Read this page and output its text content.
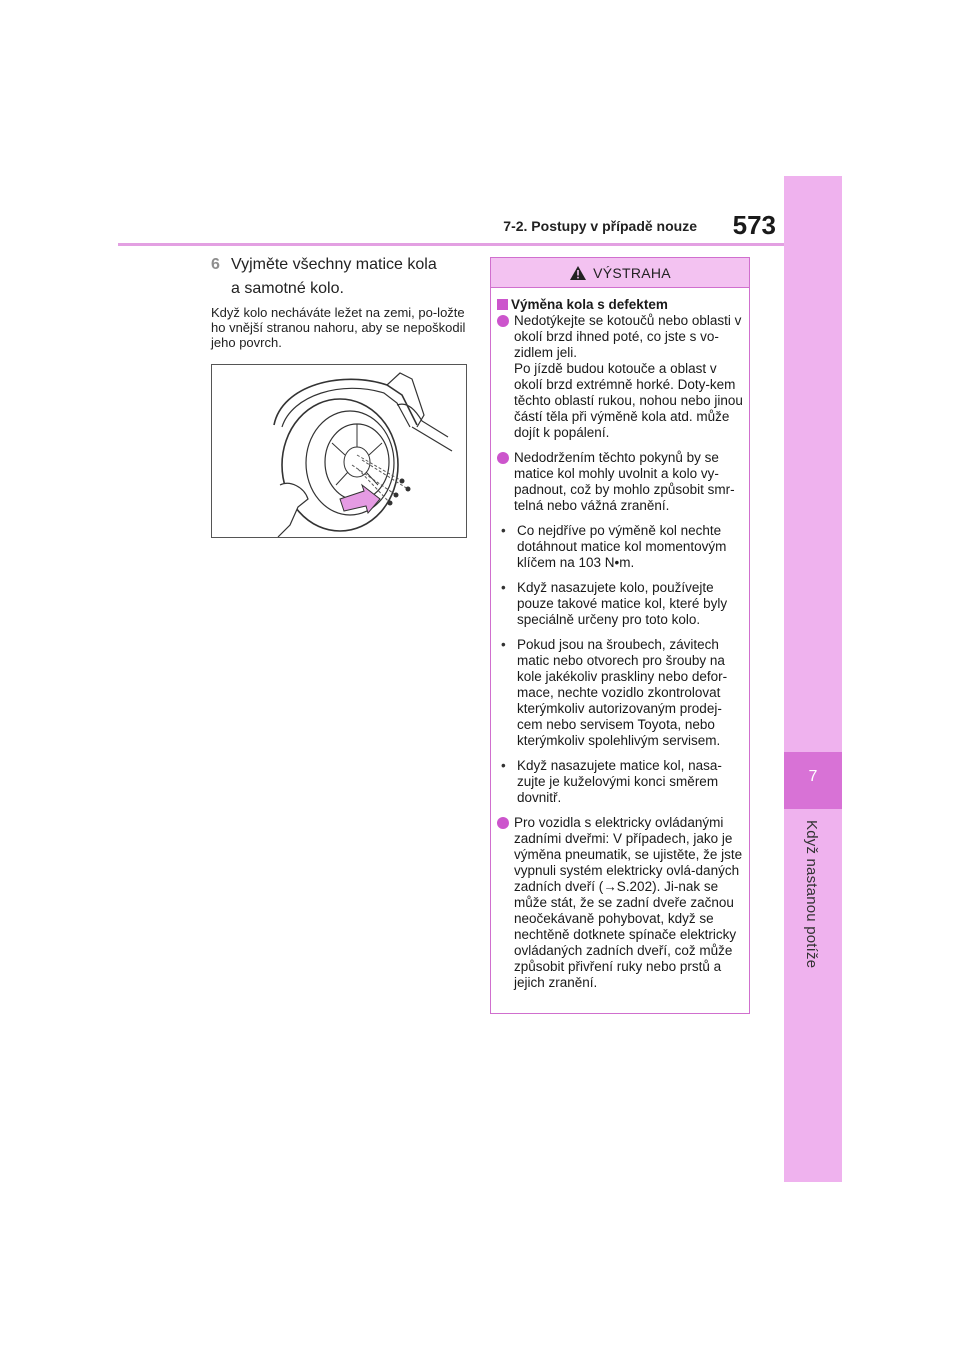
7
Když nastanou potíže
7-2. Postupy v případě nouze	573
6 Vyjměte všechny matice kola
a samotné kolo.
Když kolo necháváte ležet na zemi, po-ložte ho vnější stranou nahoru, aby se nepoškodil jeho povrch.
VÝSTRAHA
Výměna kola s defektem
Nedotýkejte se kotoučů nebo oblasti v okolí brzd ihned poté, co jste s vo-zidlem jeli.
Po jízdě budou kotouče a oblast v okolí brzd extrémně horké. Doty-kem těchto oblastí rukou, nohou nebo jinou částí těla při výměně kola atd. může dojít k popálení.
Nedodržením těchto pokynů by se matice kol mohly uvolnit a kolo vy-padnout, což by mohlo způsobit smr-telná nebo vážná zranění.
• Co nejdříve po výměně kol nechte dotáhnout matice kol momentovým klíčem na 103 N•m.
• Když nasazujete kolo, používejte pouze takové matice kol, které byly speciálně určeny pro toto kolo.
• Pokud jsou na šroubech, závitech matic nebo otvorech pro šrouby na kole jakékoliv praskliny nebo defor-mace, nechte vozidlo zkontrolovat kterýmkoliv autorizovaným prodej-cem nebo servisem Toyota, nebo kterýmkoliv spolehlivým servisem.
• Když nasazujete matice kol, nasa-zujte je kuželovými konci směrem dovnitř.
Pro vozidla s elektricky ovládanými zadními dveřmi: V případech, jako je výměna pneumatik, se ujistěte, že jste vypnuli systém elektricky ovlá-daných zadních dveří (→S.202). Ji-nak se může stát, že se zadní dveře začnou neočekávaně pohybovat, když se nechtěně dotknete spínače elektricky ovládaných zadních dveří, což může způsobit přivření ruky nebo prstů a jejich zranění.
